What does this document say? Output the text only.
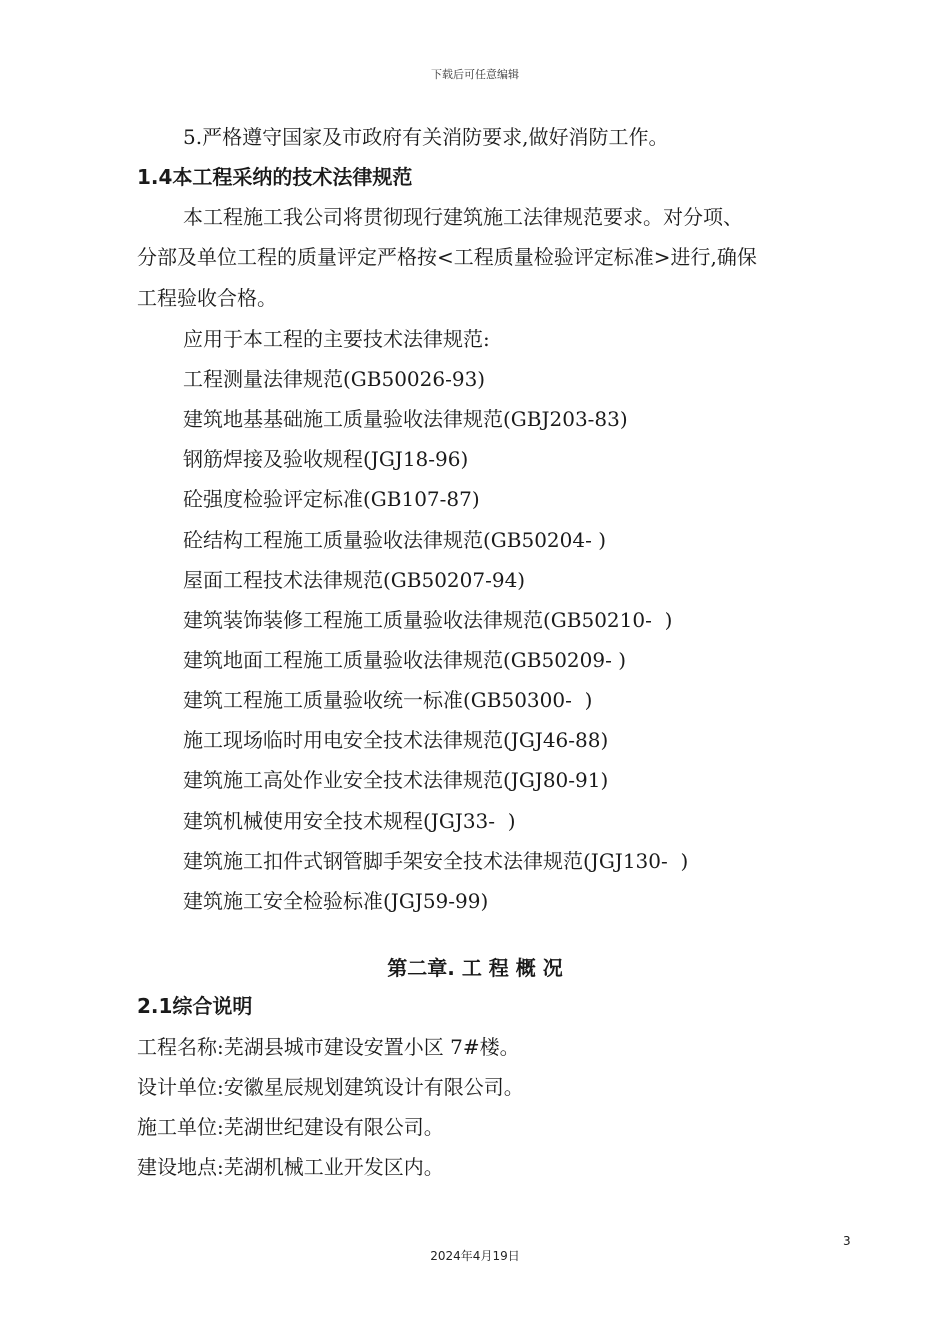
下载后可任意编辑
5.严格遵守国家及市政府有关消防要求,做好消防工作。
1.4本工程采纳的技术法律规范
本工程施工我公司将贯彻现行建筑施工法律规范要求。对分项、
分部及单位工程的质量评定严格按<工程质量检验评定标准>进行,确保
工程验收合格。
应用于本工程的主要技术法律规范:
工程测量法律规范(GB50026-93)
建筑地基基础施工质量验收法律规范(GBJ203-83)
钢筋焊接及验收规程(JGJ18-96)
砼强度检验评定标准(GB107-87)
砼结构工程施工质量验收法律规范(GB50204- )
屋面工程技术法律规范(GB50207-94)
建筑装饰装修工程施工质量验收法律规范(GB50210-  )
建筑地面工程施工质量验收法律规范(GB50209- )
建筑工程施工质量验收统一标准(GB50300-  )
施工现场临时用电安全技术法律规范(JGJ46-88)
建筑施工高处作业安全技术法律规范(JGJ80-91)
建筑机械使用安全技术规程(JGJ33-  )
建筑施工扣件式钢管脚手架安全技术法律规范(JGJ130-  )
建筑施工安全检验标准(JGJ59-99)
第二章. 工 程 概 况
2.1综合说明
工程名称:芜湖县城市建设安置小区 7#楼。
设计单位:安徽星辰规划建筑设计有限公司。
施工单位:芜湖世纪建设有限公司。
建设地点:芜湖机械工业开发区内。
3
2024年4月19日
